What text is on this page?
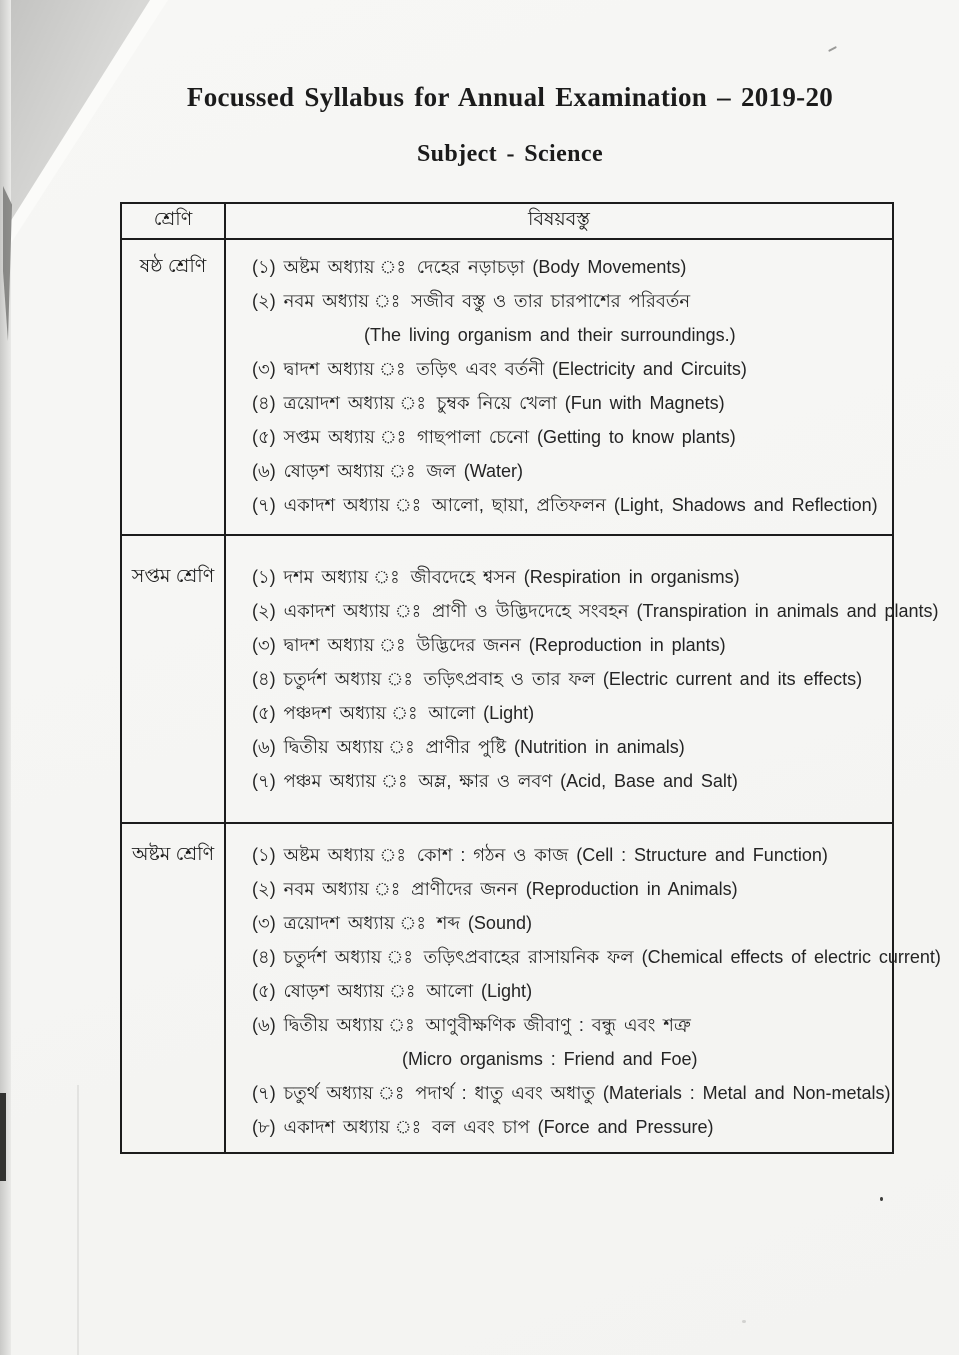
Focussed Syllabus for Annual Examination – 2019-20
Subject - Science
শ্রেণি	বিষয়বস্তু

ষষ্ঠ শ্রেণি	(১) অষ্টম অধ্যায় ঃ দেহের নড়াচড়া (Body Movements)
(২) নবম অধ্যায় ঃ সজীব বস্তু ও তার চারপাশের পরিবর্তন
(The living organism and their surroundings.)
(৩) দ্বাদশ অধ্যায় ঃ তড়িৎ এবং বর্তনী (Electricity and Circuits)
(৪) ত্রয়োদশ অধ্যায় ঃ চুম্বক নিয়ে খেলা (Fun with Magnets)
(৫) সপ্তম অধ্যায় ঃ গাছপালা চেনো (Getting to know plants)
(৬) ষোড়শ অধ্যায় ঃ জল (Water)
(৭) একাদশ অধ্যায় ঃ আলো, ছায়া, প্রতিফলন (Light, Shadows and Reflection)

সপ্তম শ্রেণি	(১) দশম অধ্যায় ঃ জীবদেহে শ্বসন (Respiration in organisms)
(২) একাদশ অধ্যায় ঃ প্রাণী ও উদ্ভিদদেহে সংবহন (Transpiration in animals and plants)
(৩) দ্বাদশ অধ্যায় ঃ উদ্ভিদের জনন (Reproduction in plants)
(৪) চতুর্দশ অধ্যায় ঃ তড়িৎপ্রবাহ ও তার ফল (Electric current and its effects)
(৫) পঞ্চদশ অধ্যায় ঃ আলো (Light)
(৬) দ্বিতীয় অধ্যায় ঃ প্রাণীর পুষ্টি (Nutrition in animals)
(৭) পঞ্চম অধ্যায় ঃ অম্ল, ক্ষার ও লবণ (Acid, Base and Salt)

অষ্টম শ্রেণি	(১) অষ্টম অধ্যায় ঃ কোশ : গঠন ও কাজ (Cell : Structure and Function)
(২) নবম অধ্যায় ঃ প্রাণীদের জনন (Reproduction in Animals)
(৩) ত্রয়োদশ অধ্যায় ঃ শব্দ (Sound)
(৪) চতুর্দশ অধ্যায় ঃ তড়িৎপ্রবাহের রাসায়নিক ফল (Chemical effects of electric current)
(৫) ষোড়শ অধ্যায় ঃ আলো (Light)
(৬) দ্বিতীয় অধ্যায় ঃ আণুবীক্ষণিক জীবাণু : বন্ধু এবং শত্রু
(Micro organisms : Friend and Foe)
(৭) চতুর্থ অধ্যায় ঃ পদার্থ : ধাতু এবং অধাতু (Materials : Metal and Non-metals)
(৮) একাদশ অধ্যায় ঃ বল এবং চাপ (Force and Pressure)
